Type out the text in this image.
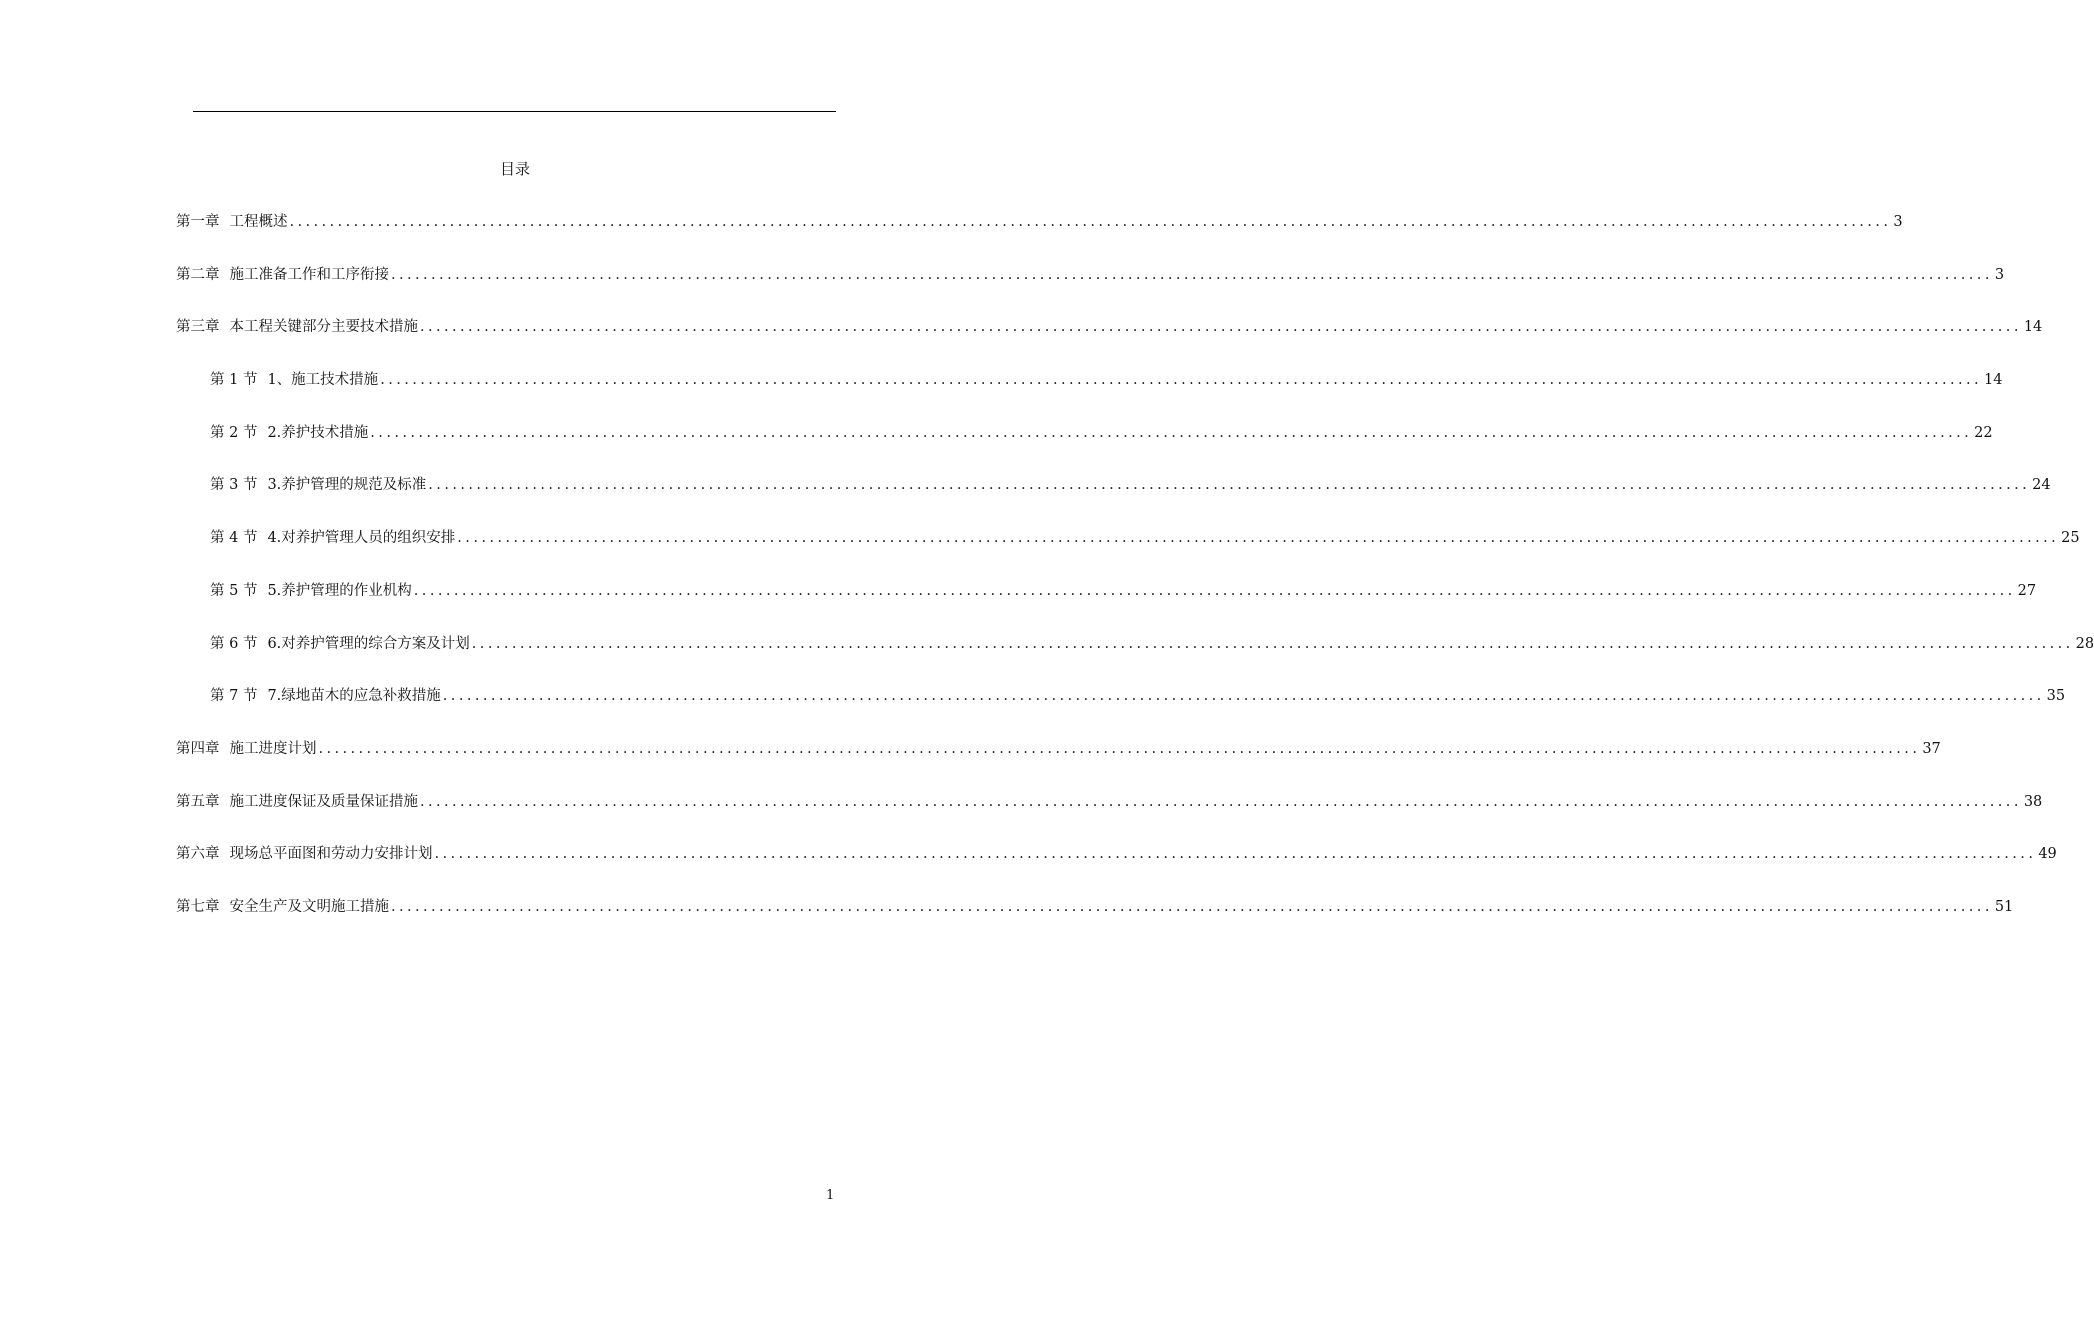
目录
第一章 工程概述 ........................................................................................................................................................................................................ 3
第二章 施工准备工作和工序衔接 ........................................................................................................................................................................................................ 3
第三章 本工程关键部分主要技术措施 ........................................................................................................................................................................................................ 14
第 1 节 1、施工技术措施 ........................................................................................................................................................................................................ 14
第 2 节 2.养护技术措施 ........................................................................................................................................................................................................ 22
第 3 节 3.养护管理的规范及标准 ........................................................................................................................................................................................................ 24
第 4 节 4.对养护管理人员的组织安排 ........................................................................................................................................................................................................ 25
第 5 节 5.养护管理的作业机构 ........................................................................................................................................................................................................ 27
第 6 节 6.对养护管理的综合方案及计划 ........................................................................................................................................................................................................ 28
第 7 节 7.绿地苗木的应急补救措施 ........................................................................................................................................................................................................ 35
第四章 施工进度计划 ........................................................................................................................................................................................................ 37
第五章 施工进度保证及质量保证措施 ........................................................................................................................................................................................................ 38
第六章 现场总平面图和劳动力安排计划 ........................................................................................................................................................................................................ 49
第七章 安全生产及文明施工措施 ........................................................................................................................................................................................................ 51
1
